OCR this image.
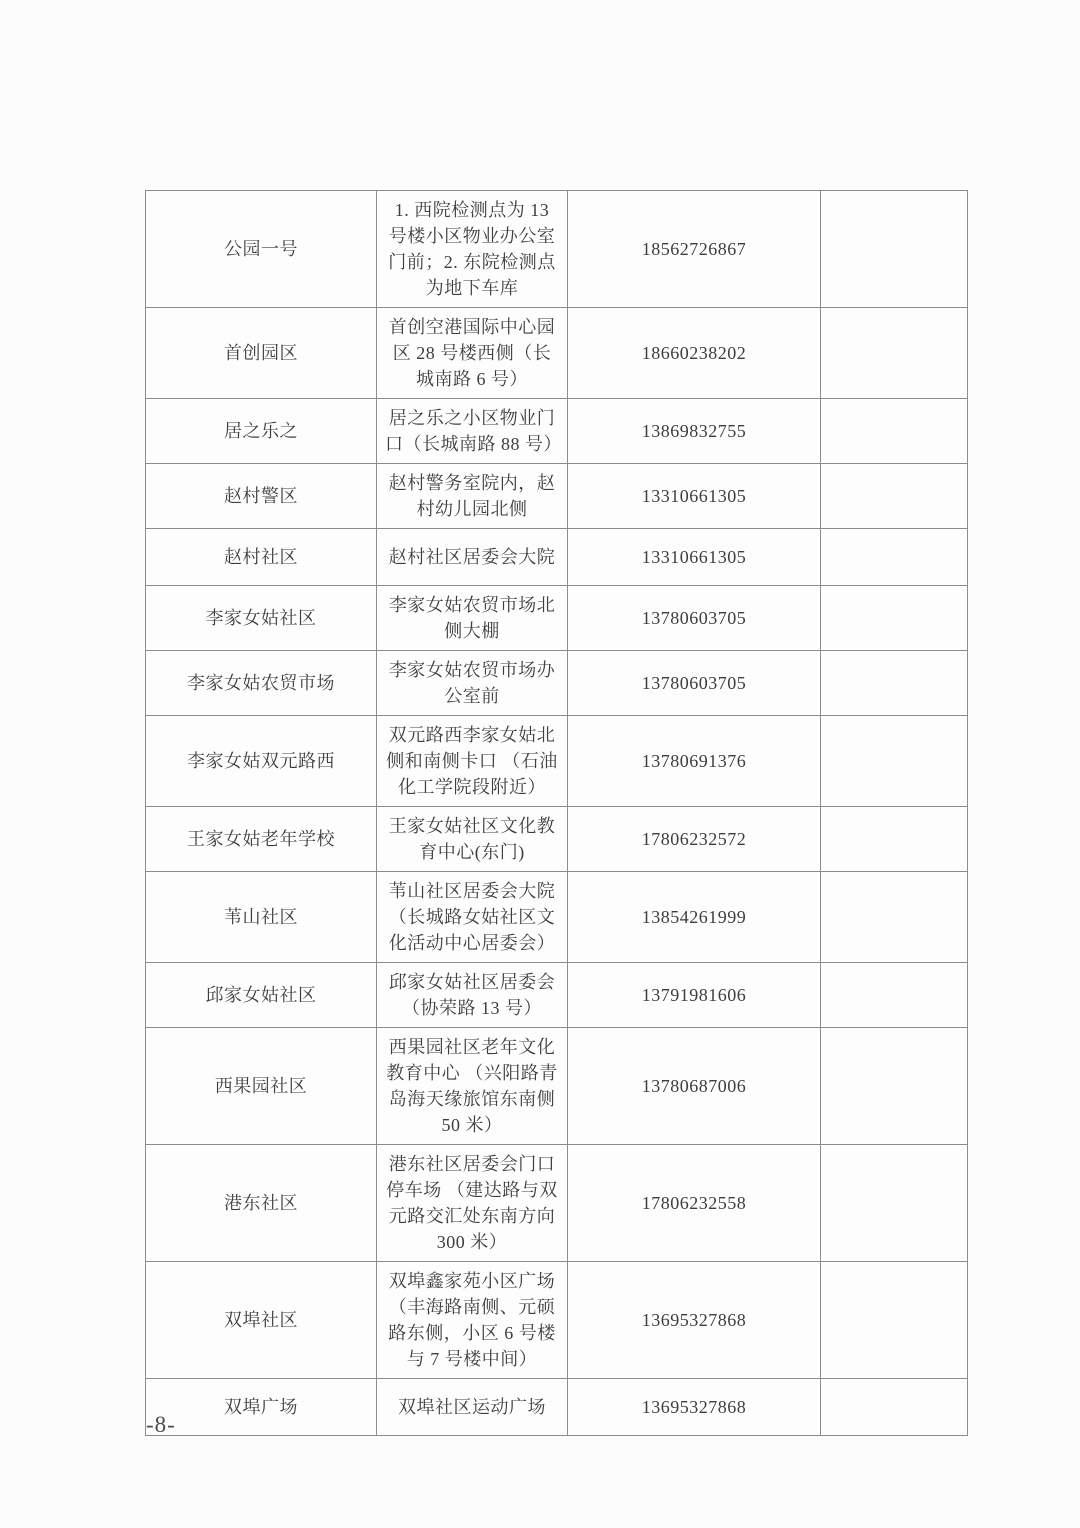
公园一号	1. 西院检测点为 13 号楼小区物业办公室门前；2. 东院检测点为地下车库	18562726867	
首创园区	首创空港国际中心园区 28 号楼西侧（长城南路 6 号）	18660238202	
居之乐之	居之乐之小区物业门口（长城南路 88 号）	13869832755	
赵村警区	赵村警务室院内，赵村幼儿园北侧	13310661305	
赵村社区	赵村社区居委会大院	13310661305	
李家女姑社区	李家女姑农贸市场北侧大棚	13780603705	
李家女姑农贸市场	李家女姑农贸市场办公室前	13780603705	
李家女姑双元路西	双元路西李家女姑北侧和南侧卡口 （石油化工学院段附近）	13780691376	
王家女姑老年学校	王家女姑社区文化教育中心(东门)	17806232572	
苇山社区	苇山社区居委会大院（长城路女姑社区文化活动中心居委会）	13854261999	
邱家女姑社区	邱家女姑社区居委会（协荣路 13 号）	13791981606	
西果园社区	西果园社区老年文化教育中心 （兴阳路青岛海天缘旅馆东南侧 50 米）	13780687006	
港东社区	港东社区居委会门口停车场 （建达路与双元路交汇处东南方向 300 米）	17806232558	
双埠社区	双埠鑫家苑小区广场（丰海路南侧、元硕路东侧，小区 6 号楼与 7 号楼中间）	13695327868	
双埠广场	双埠社区运动广场	13695327868	
-8-
